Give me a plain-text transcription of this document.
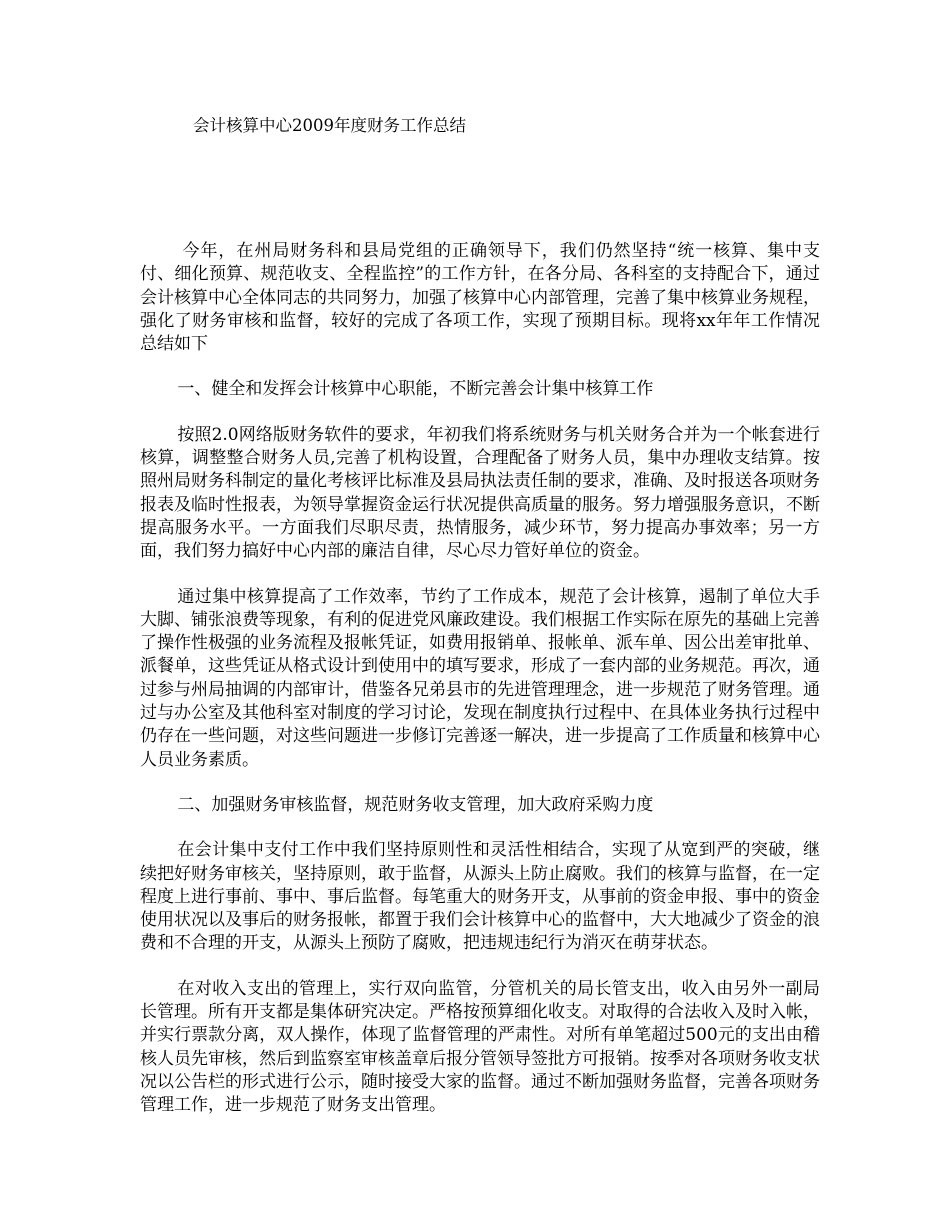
会计核算中心2009年度财务工作总结

今年，在州局财务科和县局党组的正确领导下，我们仍然坚持“统一核算、集中支付、细化预算、规范收支、全程监控”的工作方针，在各分局、各科室的支持配合下，通过会计核算中心全体同志的共同努力，加强了核算中心内部管理，完善了集中核算业务规程，强化了财务审核和监督，较好的完成了各项工作，实现了预期目标。现将xx年年工作情况总结如下

一、健全和发挥会计核算中心职能，不断完善会计集中核算工作

按照2.0网络版财务软件的要求，年初我们将系统财务与机关财务合并为一个帐套进行核算，调整整合财务人员,完善了机构设置，合理配备了财务人员，集中办理收支结算。按照州局财务科制定的量化考核评比标准及县局执法责任制的要求，准确、及时报送各项财务报表及临时性报表，为领导掌握资金运行状况提供高质量的服务。努力增强服务意识，不断提高服务水平。一方面我们尽职尽责，热情服务，减少环节，努力提高办事效率；另一方面，我们努力搞好中心内部的廉洁自律，尽心尽力管好单位的资金。

通过集中核算提高了工作效率，节约了工作成本，规范了会计核算，遏制了单位大手大脚、铺张浪费等现象，有利的促进党风廉政建设。我们根据工作实际在原先的基础上完善了操作性极强的业务流程及报帐凭证，如费用报销单、报帐单、派车单、因公出差审批单、派餐单，这些凭证从格式设计到使用中的填写要求，形成了一套内部的业务规范。再次，通过参与州局抽调的内部审计，借鉴各兄弟县市的先进管理理念，进一步规范了财务管理。通过与办公室及其他科室对制度的学习讨论，发现在制度执行过程中、在具体业务执行过程中仍存在一些问题，对这些问题进一步修订完善逐一解决，进一步提高了工作质量和核算中心人员业务素质。

二、加强财务审核监督，规范财务收支管理，加大政府采购力度

在会计集中支付工作中我们坚持原则性和灵活性相结合，实现了从宽到严的突破，继续把好财务审核关，坚持原则，敢于监督，从源头上防止腐败。我们的核算与监督，在一定程度上进行事前、事中、事后监督。每笔重大的财务开支，从事前的资金申报、事中的资金使用状况以及事后的财务报帐，都置于我们会计核算中心的监督中，大大地减少了资金的浪费和不合理的开支，从源头上预防了腐败，把违规违纪行为消灭在萌芽状态。

在对收入支出的管理上，实行双向监管，分管机关的局长管支出，收入由另外一副局长管理。所有开支都是集体研究决定。严格按预算细化收支。对取得的合法收入及时入帐，并实行票款分离，双人操作，体现了监督管理的严肃性。对所有单笔超过500元的支出由稽核人员先审核，然后到监察室审核盖章后报分管领导签批方可报销。按季对各项财务收支状况以公告栏的形式进行公示，随时接受大家的监督。通过不断加强财务监督，完善各项财务管理工作，进一步规范了财务支出管理。
